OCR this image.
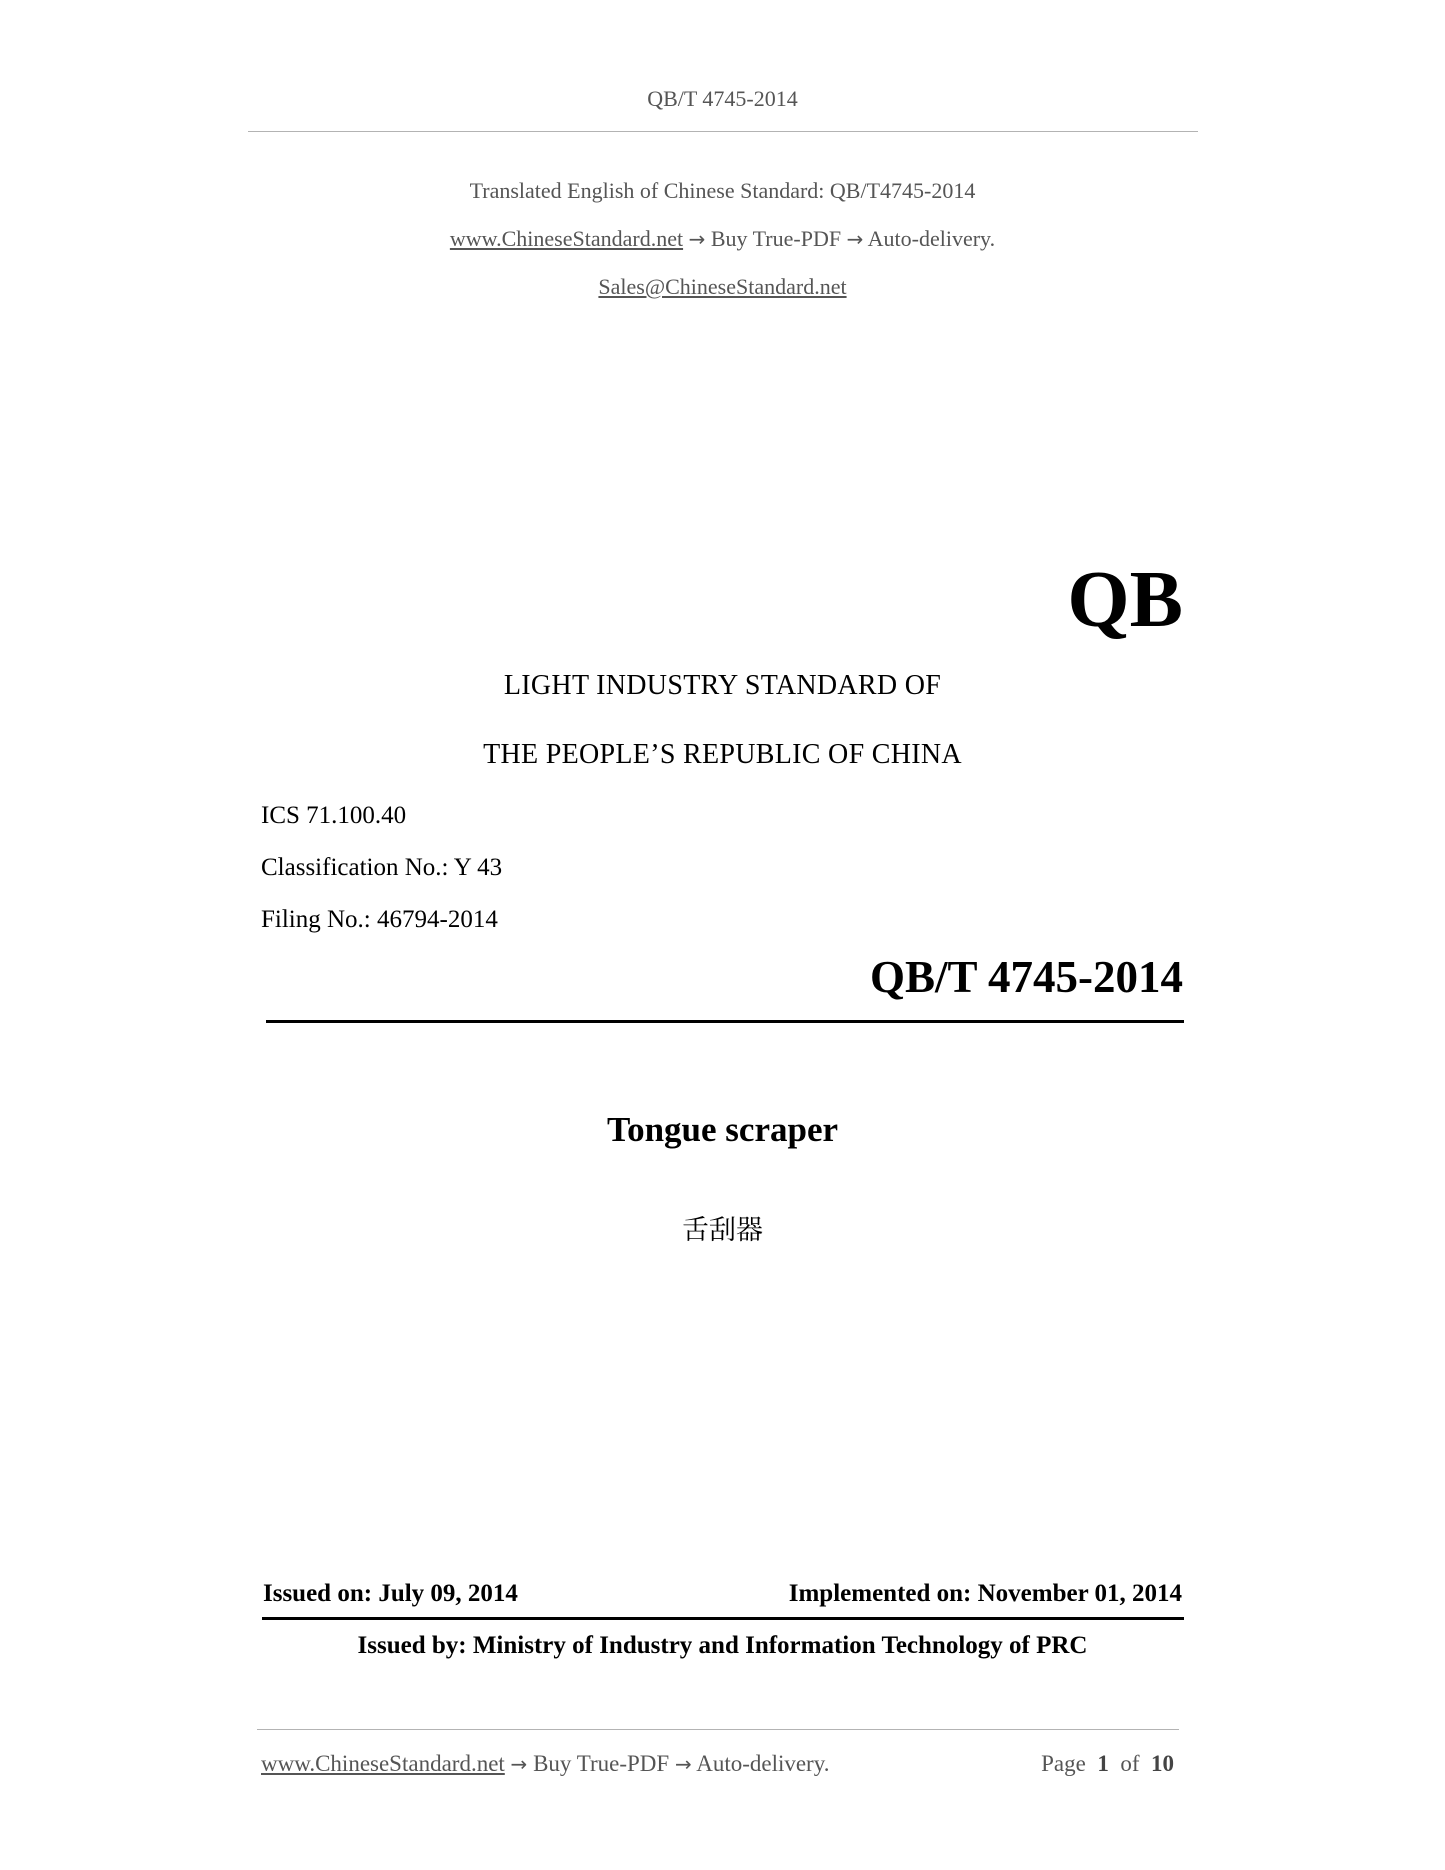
QB/T 4745-2014
Translated English of Chinese Standard: QB/T4745-2014
www.ChineseStandard.net → Buy True-PDF → Auto-delivery.
Sales@ChineseStandard.net
QB
LIGHT INDUSTRY STANDARD OF
THE PEOPLE’S REPUBLIC OF CHINA
ICS 71.100.40
Classification No.: Y 43
Filing No.: 46794-2014
QB/T 4745-2014
Tongue scraper
舌刮器
Issued on: July 09, 2014	Implemented on: November 01, 2014
Issued by: Ministry of Industry and Information Technology of PRC
www.ChineseStandard.net → Buy True-PDF → Auto-delivery.	Page 1 of 10
